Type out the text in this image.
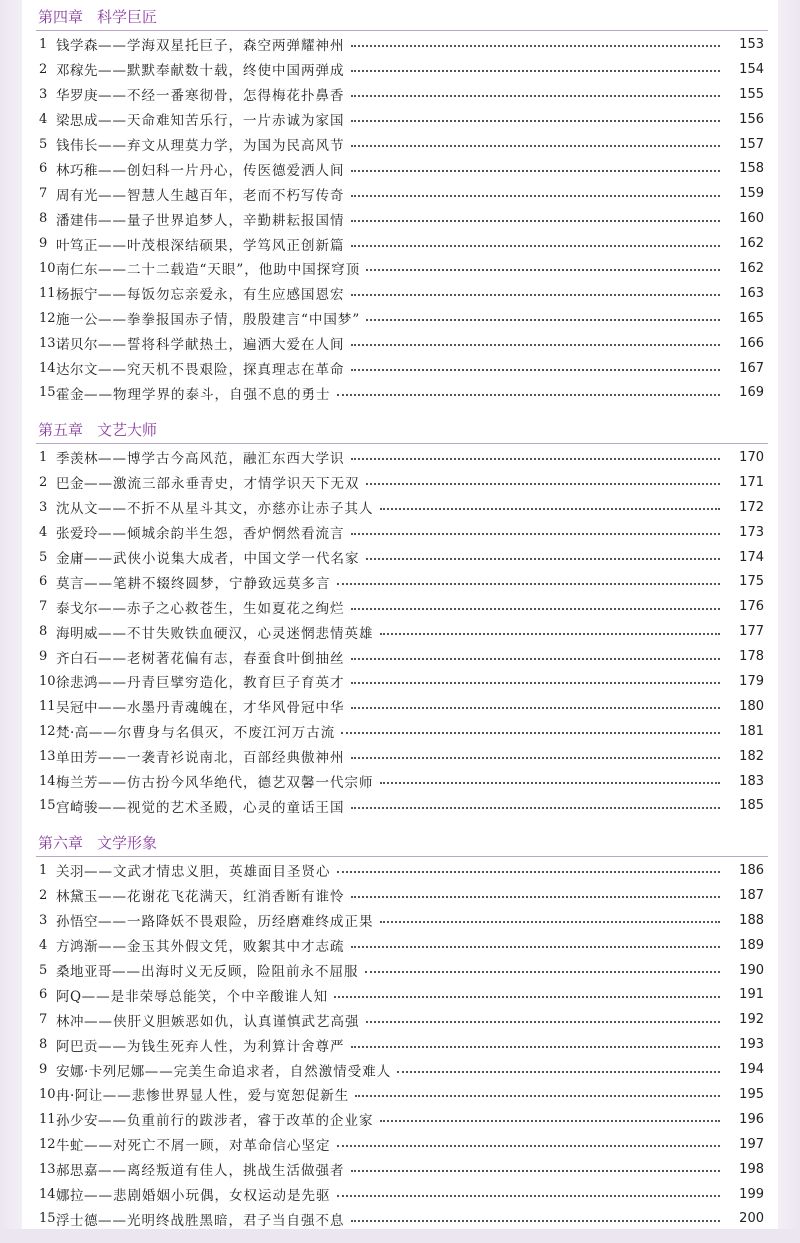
第四章 科学巨匠
1 钱学森 ——学海双星托巨子，森空两弹耀神州	153
2 邓稼先 ——默默奉献数十载，终使中国两弹成	154
3 华罗庚 ——不经一番寒彻骨，怎得梅花扑鼻香	155
4 梁思成 ——天命难知苦乐行，一片赤诚为家国	156
5 钱伟长 ——弃文从理莫力学，为国为民高风节	157
6 林巧稚 ——创妇科一片丹心，传医德爱洒人间	158
7 周有光 ——智慧人生越百年，老而不朽写传奇	159
8 潘建伟 ——量子世界追梦人，辛勤耕耘报国情	160
9 叶笃正 ——叶茂根深结硕果，学笃风正创新篇	162
10 南仁东 ——二十二载造“天眼”，他助中国探穹顶	162
11 杨振宁 ——每饭勿忘亲爱永，有生应感国恩宏	163
12 施一公 ——拳拳报国赤子情，殷殷建言“中国梦”	165
13 诺贝尔 ——誓将科学献热土，遍洒大爱在人间	166
14 达尔文 ——究天机不畏艰险，探真理志在革命	167
15 霍金 ——物理学界的泰斗，自强不息的勇士	169
第五章 文艺大师
1 季羡林 ——博学古今高风范，融汇东西大学识	170
2 巴金 ——激流三部永垂青史，才情学识天下无双	171
3 沈从文 ——不折不从星斗其文，亦慈亦让赤子其人	172
4 张爱玲 ——倾城余韵半生怨，香炉惘然看流言	173
5 金庸 ——武侠小说集大成者，中国文学一代名家	174
6 莫言 ——笔耕不辍终圆梦，宁静致远莫多言	175
7 泰戈尔 ——赤子之心救苍生，生如夏花之绚烂	176
8 海明威 ——不甘失败铁血硬汉，心灵迷惘悲情英雄	177
9 齐白石 ——老树著花偏有志，春蚕食叶倒抽丝	178
10 徐悲鸿 ——丹青巨擘穷造化，教育巨子育英才	179
11 吴冠中 ——水墨丹青魂魄在，才华风骨冠中华	180
12 梵·高 ——尔曹身与名俱灭，不废江河万古流	181
13 单田芳 ——一袭青衫说南北，百部经典傲神州	182
14 梅兰芳 ——仿古扮今风华绝代，德艺双馨一代宗师	183
15 宫崎骏 ——视觉的艺术圣殿，心灵的童话王国	185
第六章 文学形象
1 关羽 ——文武才情忠义胆，英雄面目圣贤心	186
2 林黛玉 ——花谢花飞花满天，红消香断有谁怜	187
3 孙悟空 ——一路降妖不畏艰险，历经磨难终成正果	188
4 方鸿渐 ——金玉其外假文凭，败絮其中才志疏	189
5 桑地亚哥 ——出海时义无反顾，险阻前永不屈服	190
6 阿Q ——是非荣辱总能笑，个中辛酸谁人知	191
7 林冲 ——侠肝义胆嫉恶如仇，认真谨慎武艺高强	192
8 阿巴贡 ——为钱生死弃人性，为利算计舍尊严	193
9 安娜·卡列尼娜 ——完美生命追求者，自然激情受难人	194
10 冉·阿让 ——悲惨世界显人性，爱与宽恕促新生	195
11 孙少安 ——负重前行的跋涉者，睿于改革的企业家	196
12 牛虻 ——对死亡不屑一顾，对革命信心坚定	197
13 郝思嘉 ——离经叛道有佳人，挑战生活做强者	198
14 娜拉 ——悲剧婚姻小玩偶，女权运动是先驱	199
15 浮士德 ——光明终战胜黑暗，君子当自强不息	200
